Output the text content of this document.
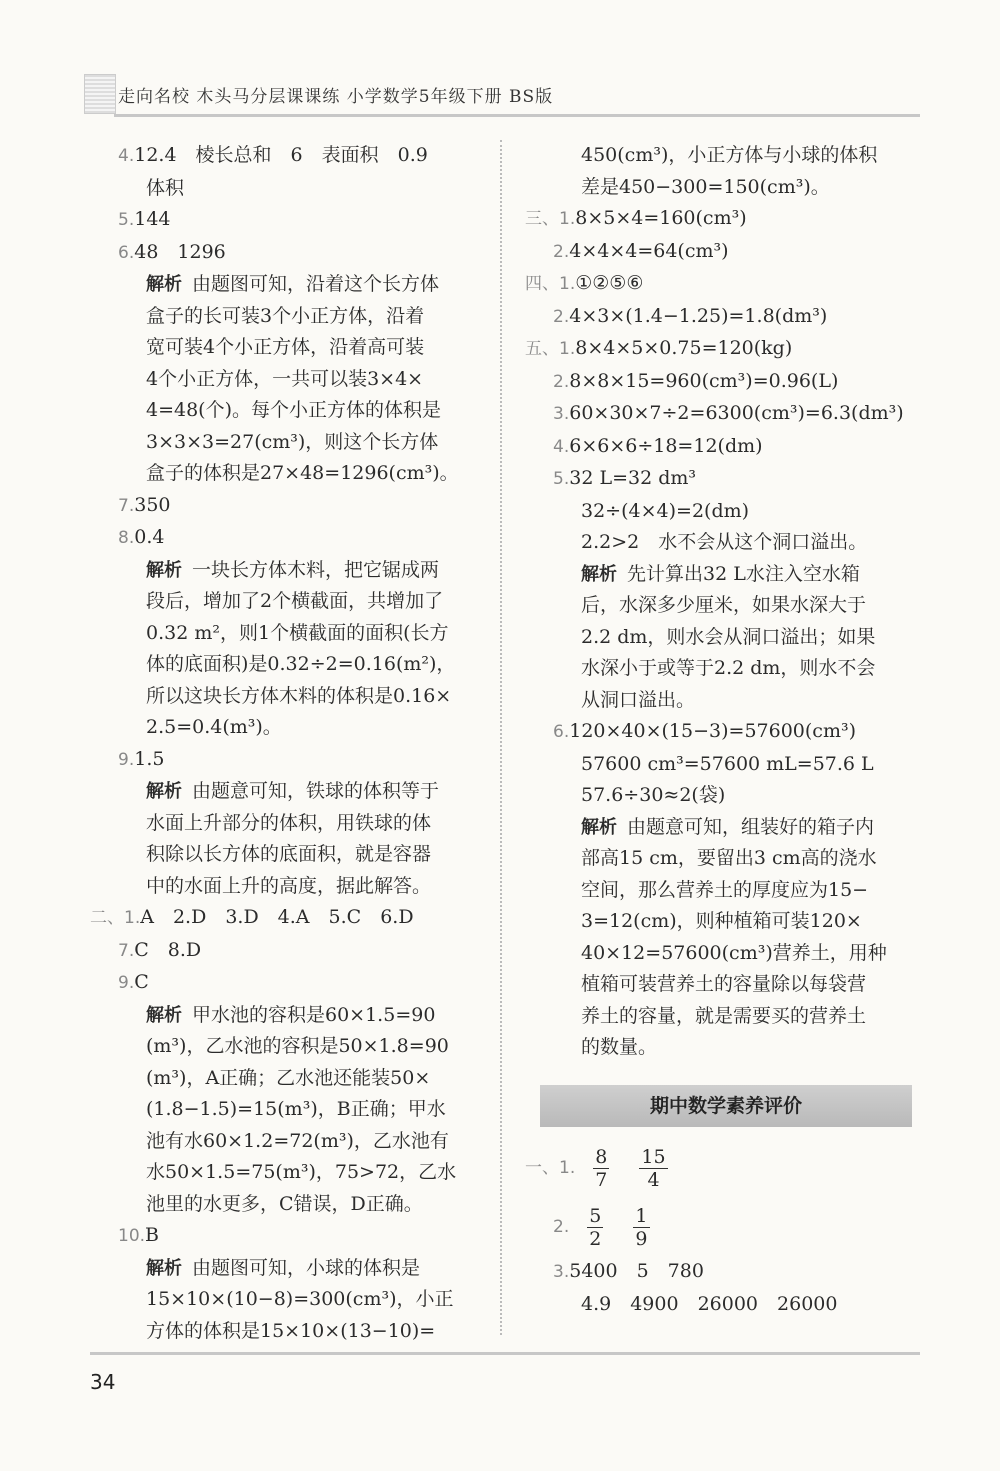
走向名校 木头马分层课课练 小学数学5年级下册 BS版
4.12.4　棱长总和　6　表面积　0.9
体积
5.144
6.48　1296
解析 由题图可知，沿着这个长方体
盒子的长可装3个小正方体，沿着
宽可装4个小正方体，沿着高可装
4个小正方体，一共可以装3×4×
4=48(个)。每个小正方体的体积是
3×3×3=27(cm³)，则这个长方体
盒子的体积是27×48=1296(cm³)。
7.350
8.0.4
解析 一块长方体木料，把它锯成两
段后，增加了2个横截面，共增加了
0.32 m²，则1个横截面的面积(长方
体的底面积)是0.32÷2=0.16(m²)，
所以这块长方体木料的体积是0.16×
2.5=0.4(m³)。
9.1.5
解析 由题意可知，铁球的体积等于
水面上升部分的体积，用铁球的体
积除以长方体的底面积，就是容器
中的水面上升的高度，据此解答。
二、1.A　2.D　3.D　4.A　5.C　6.D
7.C　8.D
9.C
解析 甲水池的容积是60×1.5=90
(m³)，乙水池的容积是50×1.8=90
(m³)，A正确；乙水池还能装50×
(1.8−1.5)=15(m³)，B正确；甲水
池有水60×1.2=72(m³)，乙水池有
水50×1.5=75(m³)，75>72，乙水
池里的水更多，C错误，D正确。
10.B
解析 由题图可知，小球的体积是
15×10×(10−8)=300(cm³)，小正
方体的体积是15×10×(13−10)=
450(cm³)，小正方体与小球的体积
差是450−300=150(cm³)。
三、1.8×5×4=160(cm³)
2.4×4×4=64(cm³)
四、1.①②⑤⑥
2.4×3×(1.4−1.25)=1.8(dm³)
五、1.8×4×5×0.75=120(kg)
2.8×8×15=960(cm³)=0.96(L)
3.60×30×7÷2=6300(cm³)=6.3(dm³)
4.6×6×6÷18=12(dm)
5.32 L=32 dm³
32÷(4×4)=2(dm)
2.2>2　水不会从这个洞口溢出。
解析 先计算出32 L水注入空水箱
后，水深多少厘米，如果水深大于
2.2 dm，则水会从洞口溢出；如果
水深小于或等于2.2 dm，则水不会
从洞口溢出。
6.120×40×(15−3)=57600(cm³)
57600 cm³=57600 mL=57.6 L
57.6÷30≈2(袋)
解析 由题意可知，组装好的箱子内
部高15 cm，要留出3 cm高的浇水
空间，那么营养土的厚度应为15−
3=12(cm)，则种植箱可装120×
40×12=57600(cm³)营养土，用种
植箱可装营养土的容量除以每袋营
养土的容量，就是需要买的营养土
的数量。
期中数学素养评价
一、1. $\frac{8}{7}$
$\frac{15}{4}$
2. $\frac{5}{2}$
$\frac{1}{9}$
3.5400　5　780
4.9　4900　26000　26000
34
